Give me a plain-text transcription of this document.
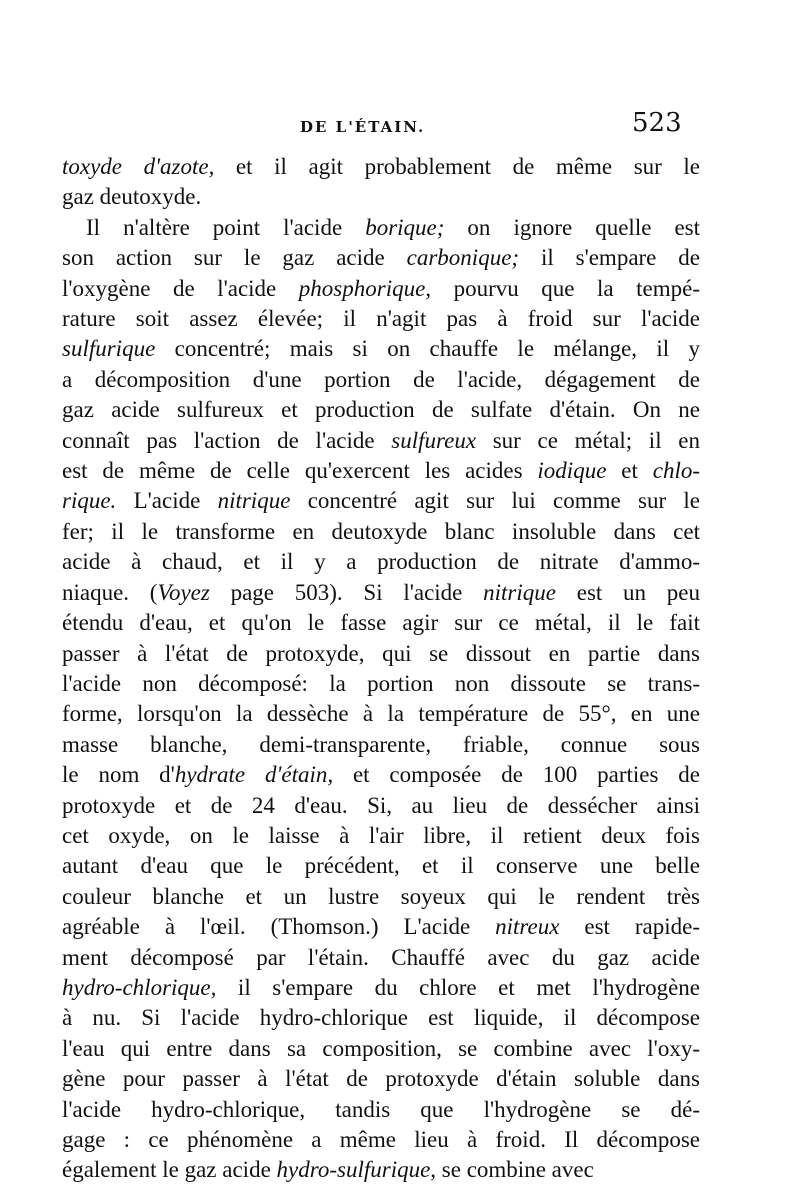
DE L'ÉTAIN.	523
toxyde d'azote, et il agit probablement de même sur le
gaz deutoxyde.
Il n'altère point l'acide borique; on ignore quelle est
son action sur le gaz acide carbonique; il s'empare de
l'oxygène de l'acide phosphorique, pourvu que la tempé-
rature soit assez élevée; il n'agit pas à froid sur l'acide
sulfurique concentré; mais si on chauffe le mélange, il y
a décomposition d'une portion de l'acide, dégagement de
gaz acide sulfureux et production de sulfate d'étain. On ne
connaît pas l'action de l'acide sulfureux sur ce métal; il en
est de même de celle qu'exercent les acides iodique et chlo-
rique. L'acide nitrique concentré agit sur lui comme sur le
fer; il le transforme en deutoxyde blanc insoluble dans cet
acide à chaud, et il y a production de nitrate d'ammo-
niaque. (Voyez page 503). Si l'acide nitrique est un peu
étendu d'eau, et qu'on le fasse agir sur ce métal, il le fait
passer à l'état de protoxyde, qui se dissout en partie dans
l'acide non décomposé: la portion non dissoute se trans-
forme, lorsqu'on la dessèche à la température de 55°, en une
masse blanche, demi-transparente, friable, connue sous
le nom d'hydrate d'étain, et composée de 100 parties de
protoxyde et de 24 d'eau. Si, au lieu de dessécher ainsi
cet oxyde, on le laisse à l'air libre, il retient deux fois
autant d'eau que le précédent, et il conserve une belle
couleur blanche et un lustre soyeux qui le rendent très
agréable à l'œil. (Thomson.) L'acide nitreux est rapide-
ment décomposé par l'étain. Chauffé avec du gaz acide
hydro-chlorique, il s'empare du chlore et met l'hydrogène
à nu. Si l'acide hydro-chlorique est liquide, il décompose
l'eau qui entre dans sa composition, se combine avec l'oxy-
gène pour passer à l'état de protoxyde d'étain soluble dans
l'acide hydro-chlorique, tandis que l'hydrogène se dé-
gage : ce phénomène a même lieu à froid. Il décompose
également le gaz acide hydro-sulfurique, se combine avec
